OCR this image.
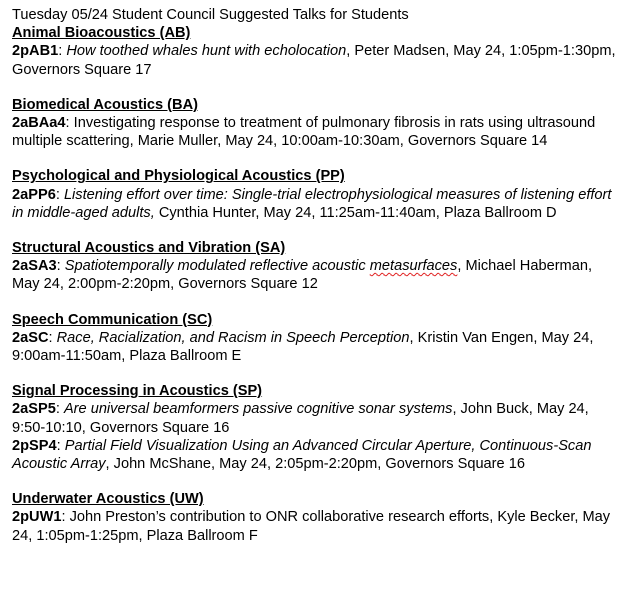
Tuesday 05/24 Student Council Suggested Talks for Students
Animal Bioacoustics (AB)
2pAB1: How toothed whales hunt with echolocation, Peter Madsen, May 24, 1:05pm-1:30pm, Governors Square 17
Biomedical Acoustics (BA)
2aBAa4: Investigating response to treatment of pulmonary fibrosis in rats using ultrasound multiple scattering, Marie Muller, May 24, 10:00am-10:30am, Governors Square 14
Psychological and Physiological Acoustics (PP)
2aPP6: Listening effort over time: Single-trial electrophysiological measures of listening effort in middle-aged adults, Cynthia Hunter, May 24, 11:25am-11:40am, Plaza Ballroom D
Structural Acoustics and Vibration (SA)
2aSA3: Spatiotemporally modulated reflective acoustic metasurfaces, Michael Haberman, May 24, 2:00pm-2:20pm, Governors Square 12
Speech Communication (SC)
2aSC: Race, Racialization, and Racism in Speech Perception, Kristin Van Engen, May 24, 9:00am-11:50am, Plaza Ballroom E
Signal Processing in Acoustics (SP)
2aSP5: Are universal beamformers passive cognitive sonar systems, John Buck, May 24, 9:50-10:10, Governors Square 16
2pSP4: Partial Field Visualization Using an Advanced Circular Aperture, Continuous-Scan Acoustic Array, John McShane, May 24, 2:05pm-2:20pm, Governors Square 16
Underwater Acoustics (UW)
2pUW1: John Preston’s contribution to ONR collaborative research efforts, Kyle Becker, May 24, 1:05pm-1:25pm, Plaza Ballroom F
